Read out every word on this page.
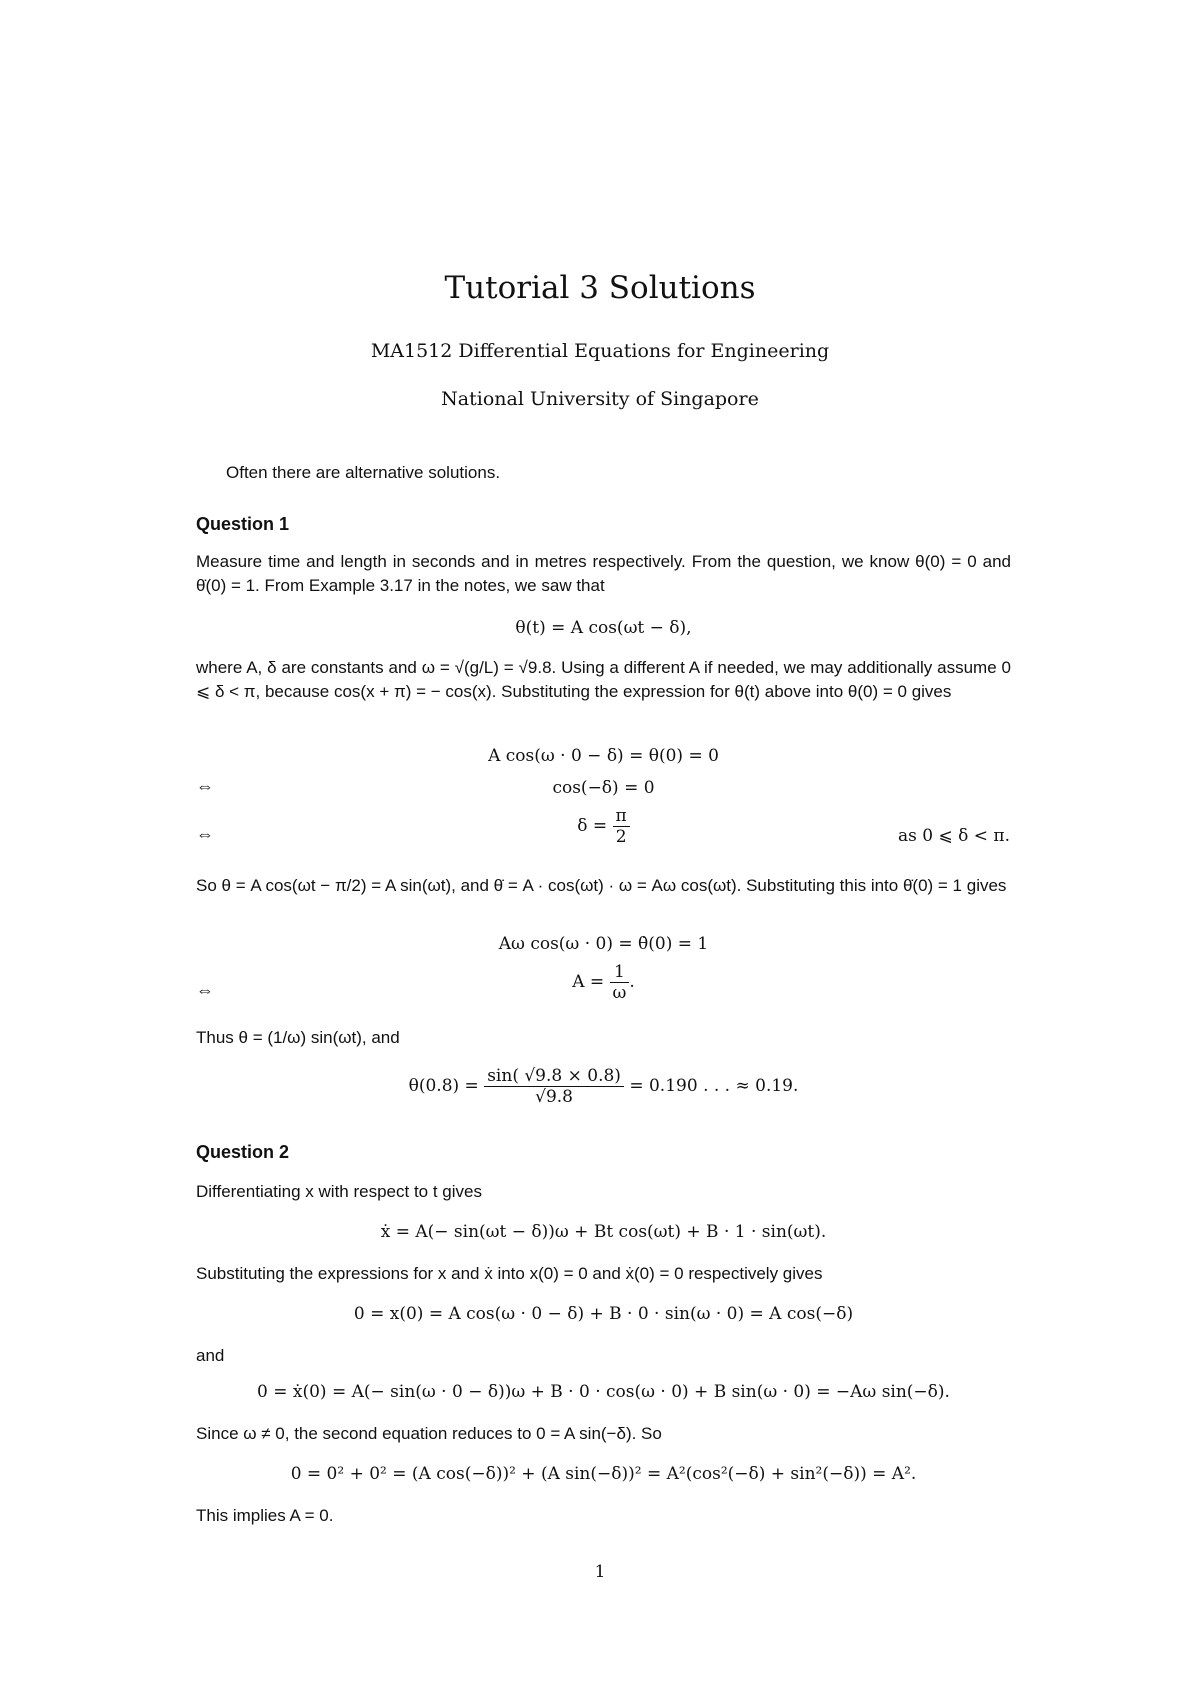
Tutorial 3 Solutions
MA1512 Differential Equations for Engineering
National University of Singapore
Often there are alternative solutions.
Question 1
Measure time and length in seconds and in metres respectively. From the question, we know θ(0) = 0 and θ̇(0) = 1. From Example 3.17 in the notes, we saw that
θ(t) = A cos(ωt − δ),
where A, δ are constants and ω = √(g/L) = √9.8. Using a different A if needed, we may additionally assume 0 ⩽ δ < π, because cos(x + π) = − cos(x). Substituting the expression for θ(t) above into θ(0) = 0 gives
A cos(ω · 0 − δ) = θ(0) = 0
⇔	cos(−δ) = 0
⇔	$\delta = \frac{\pi}{2}$	as 0 ⩽ δ < π.
So θ = A cos(ωt − π/2) = A sin(ωt), and θ̇ = A · cos(ωt) · ω = Aω cos(ωt). Substituting this into θ̇(0) = 1 gives
Aω cos(ω · 0) = θ̇(0) = 1
⇔	$A = \frac{1}{\omega}$ .
Thus θ = (1/ω) sin(ωt), and
$\theta(0.8) = \frac{\sin( √9.8 \times 0.8)}{√9.8} = 0.190$ . . . ≈ 0.19.
Question 2
Differentiating x with respect to t gives
ẋ = A(− sin(ωt − δ))ω + Bt cos(ωt) + B · 1 · sin(ωt).
Substituting the expressions for x and ẋ into x(0) = 0 and ẋ(0) = 0 respectively gives
0 = x(0) = A cos(ω · 0 − δ) + B · 0 · sin(ω · 0) = A cos(−δ)
and
0 = ẋ(0) = A(− sin(ω · 0 − δ))ω + B · 0 · cos(ω · 0) + B sin(ω · 0) = −Aω sin(−δ).
Since ω ≠ 0, the second equation reduces to 0 = A sin(−δ). So
0 = 0² + 0² = (A cos(−δ))² + (A sin(−δ))² = A²(cos²(−δ) + sin²(−δ)) = A².
This implies A = 0.
1
